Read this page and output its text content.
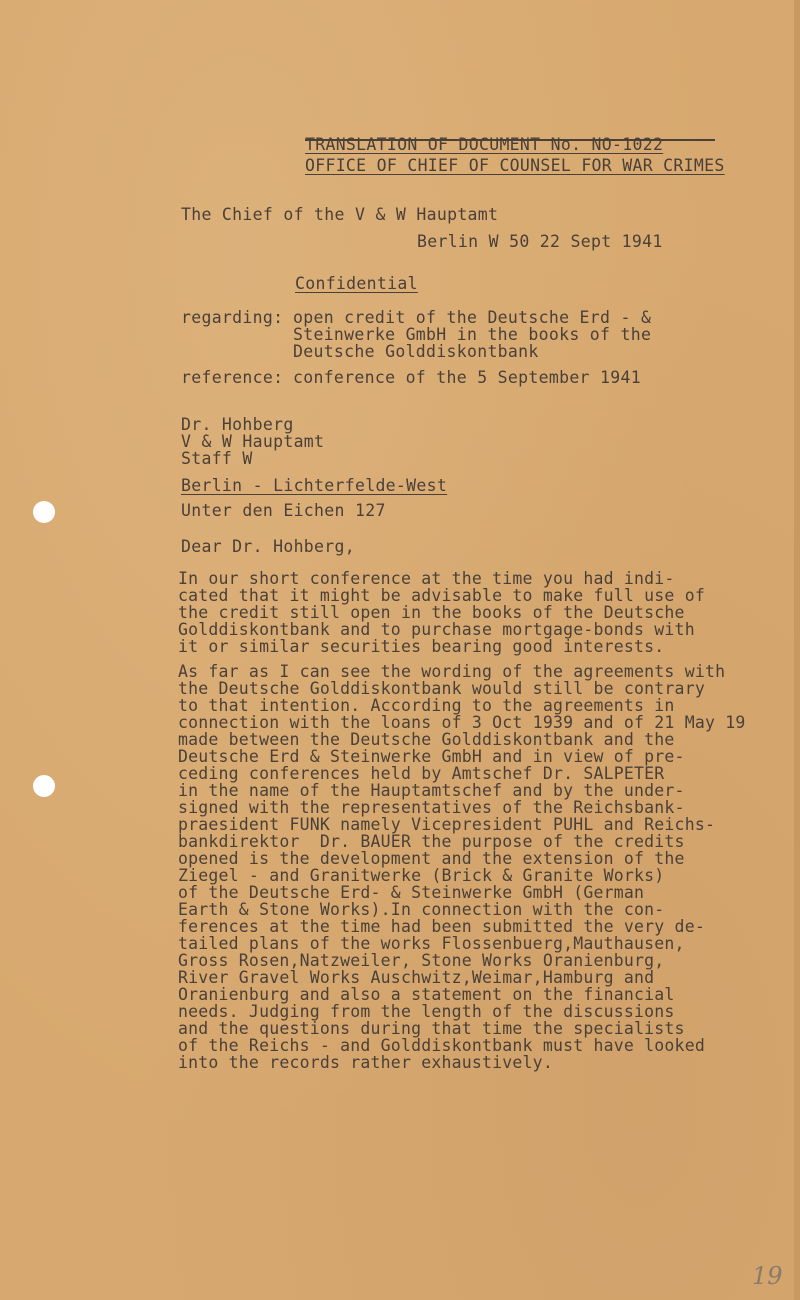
TRANSLATION OF DOCUMENT No. NO-1022
OFFICE OF CHIEF OF COUNSEL FOR WAR CRIMES
The Chief of the V & W Hauptamt
Berlin W 50 22 Sept 1941
Confidential
regarding: open credit of the Deutsche Erd - &
Steinwerke GmbH in the books of the
Deutsche Golddiskontbank
reference: conference of the 5 September 1941
Dr. Hohberg
V & W Hauptamt
Staff W
Berlin - Lichterfelde-West
Unter den Eichen 127
Dear Dr. Hohberg,
In our short conference at the time you had indi-
cated that it might be advisable to make full use of
the credit still open in the books of the Deutsche
Golddiskontbank and to purchase mortgage-bonds with
it or similar securities bearing good interests.
As far as I can see the wording of the agreements with
the Deutsche Golddiskontbank would still be contrary
to that intention. According to the agreements in
connection with the loans of 3 Oct 1939 and of 21 May 19
made between the Deutsche Golddiskontbank and the
Deutsche Erd & Steinwerke GmbH and in view of pre-
ceding conferences held by Amtschef Dr. SALPETER
in the name of the Hauptamtschef and by the under-
signed with the representatives of the Reichsbank-
praesident FUNK namely Vicepresident PUHL and Reichs-
bankdirektor  Dr. BAUER the purpose of the credits
opened is the development and the extension of the
Ziegel - and Granitwerke (Brick & Granite Works)
of the Deutsche Erd- & Steinwerke GmbH (German
Earth & Stone Works).In connection with the con-
ferences at the time had been submitted the very de-
tailed plans of the works Flossenbuerg,Mauthausen,
Gross Rosen,Natzweiler, Stone Works Oranienburg,
River Gravel Works Auschwitz,Weimar,Hamburg and
Oranienburg and also a statement on the financial
needs. Judging from the length of the discussions
and the questions during that time the specialists
of the Reichs - and Golddiskontbank must have looked
into the records rather exhaustively.
19
